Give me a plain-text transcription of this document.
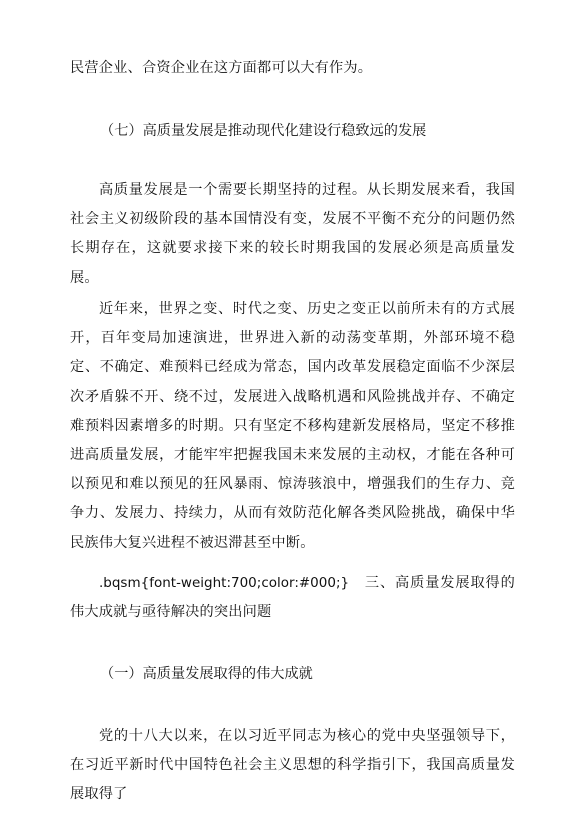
民营企业、合资企业在这方面都可以大有作为。

（七）高质量发展是推动现代化建设行稳致远的发展

高质量发展是一个需要长期坚持的过程。从长期发展来看，我国社会主义初级阶段的基本国情没有变，发展不平衡不充分的问题仍然长期存在，这就要求接下来的较长时期我国的发展必须是高质量发展。

近年来，世界之变、时代之变、历史之变正以前所未有的方式展开，百年变局加速演进，世界进入新的动荡变革期，外部环境不稳定、不确定、难预料已经成为常态，国内改革发展稳定面临不少深层次矛盾躲不开、绕不过，发展进入战略机遇和风险挑战并存、不确定难预料因素增多的时期。只有坚定不移构建新发展格局，坚定不移推进高质量发展，才能牢牢把握我国未来发展的主动权，才能在各种可以预见和难以预见的狂风暴雨、惊涛骇浪中，增强我们的生存力、竞争力、发展力、持续力，从而有效防范化解各类风险挑战，确保中华民族伟大复兴进程不被迟滞甚至中断。

.bqsm{font-weight:700;color:#000;}　 三、高质量发展取得的伟大成就与亟待解决的突出问题

（一）高质量发展取得的伟大成就

党的十八大以来，在以习近平同志为核心的党中央坚强领导下，在习近平新时代中国特色社会主义思想的科学指引下，我国高质量发展取得了
